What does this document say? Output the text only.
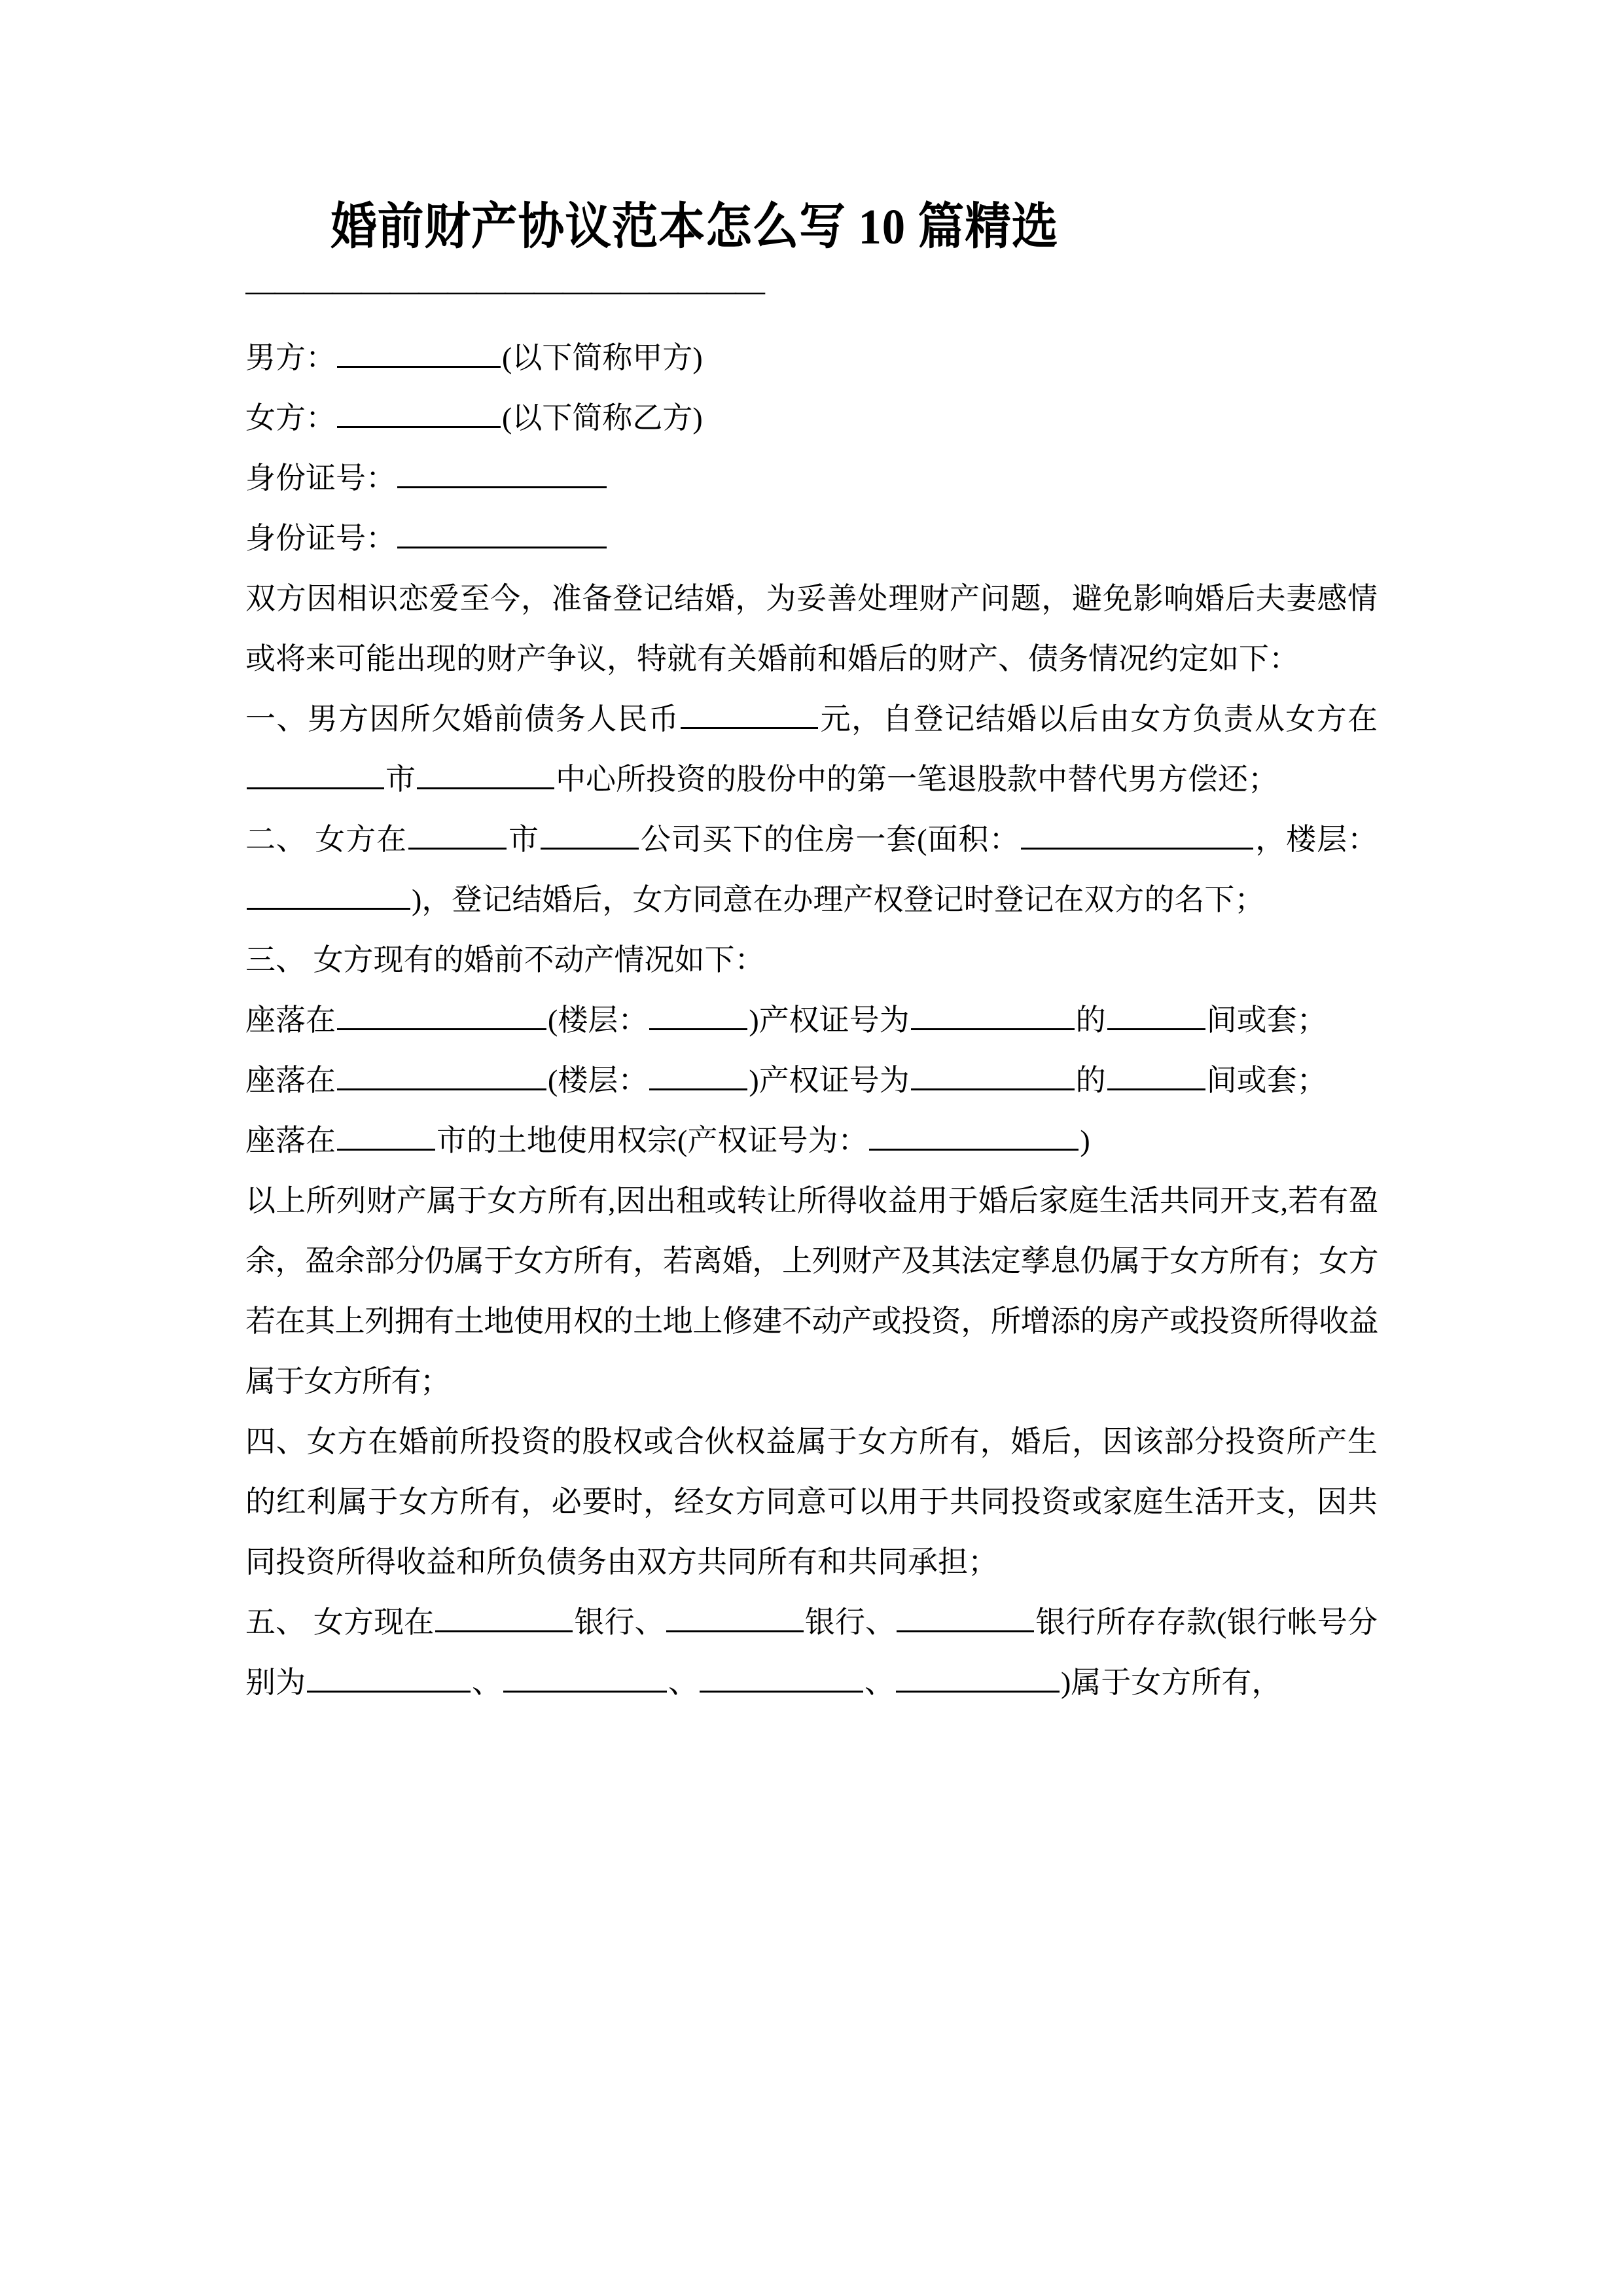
婚前财产协议范本怎么写 10 篇精选
——————————————————

男方：	(以下简称甲方)

女方：	(以下简称乙方)

身份证号：

身份证号：

双方因相识恋爱至今，准备登记结婚，为妥善处理财产问题，避免影响婚后夫妻感情或将来可能出现的财产争议，特就有关婚前和婚后的财产、债务情况约定如下：

一、男方因所欠婚前债务人民币	元，自登记结婚以后由女方负责从女方在市	中心所投资的股份中的第一笔退股款中替代男方偿还；

二、 女方在	市	公司买下的住房一套(面积：	，楼层：)，登记结婚后，女方同意在办理产权登记时登记在双方的名下；

三、 女方现有的婚前不动产情况如下：

座落在	(楼层：	)产权证号为	的	间或套；

座落在	(楼层：	)产权证号为	的	间或套；

座落在	市的土地使用权宗(产权证号为：	)

以上所列财产属于女方所有,因出租或转让所得收益用于婚后家庭生活共同开支,若有盈余，盈余部分仍属于女方所有，若离婚，上列财产及其法定孳息仍属于女方所有；女方若在其上列拥有土地使用权的土地上修建不动产或投资，所增添的房产或投资所得收益属于女方所有；

四、女方在婚前所投资的股权或合伙权益属于女方所有，婚后，因该部分投资所产生的红利属于女方所有，必要时，经女方同意可以用于共同投资或家庭生活开支，因共同投资所得收益和所负债务由双方共同所有和共同承担；

五、 女方现在	银行、	银行、	银行所存存款(银行帐号分别为	、	、	、	)属于女方所有，
